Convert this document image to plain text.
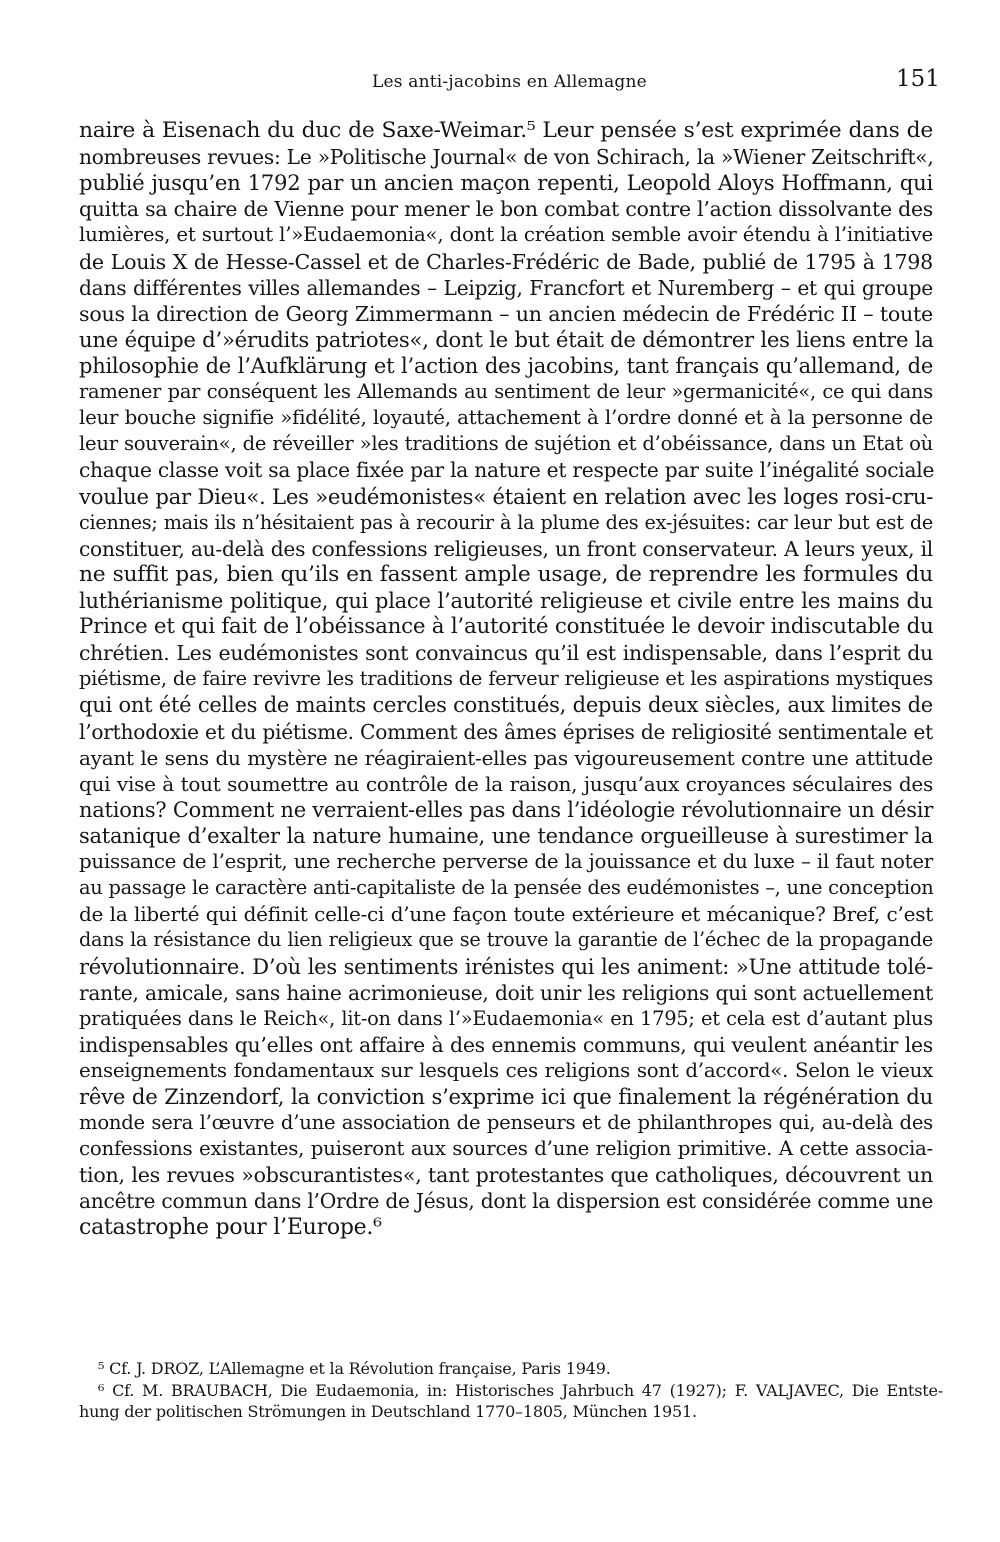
Les anti-jacobins en Allemagne	151
naire à Eisenach du duc de Saxe-Weimar.⁵ Leur pensée s’est exprimée dans de
nombreuses revues: Le »Politische Journal« de von Schirach, la »Wiener Zeitschrift«,
publié jusqu’en 1792 par un ancien maçon repenti, Leopold Aloys Hoffmann, qui
quitta sa chaire de Vienne pour mener le bon combat contre l’action dissolvante des
lumières, et surtout l’»Eudaemonia«, dont la création semble avoir étendu à l’initiative
de Louis X de Hesse-Cassel et de Charles-Frédéric de Bade, publié de 1795 à 1798
dans différentes villes allemandes – Leipzig, Francfort et Nuremberg – et qui groupe
sous la direction de Georg Zimmermann – un ancien médecin de Frédéric II – toute
une équipe d’»érudits patriotes«, dont le but était de démontrer les liens entre la
philosophie de l’Aufklärung et l’action des jacobins, tant français qu’allemand, de
ramener par conséquent les Allemands au sentiment de leur »germanicité«, ce qui dans
leur bouche signifie »fidélité, loyauté, attachement à l’ordre donné et à la personne de
leur souverain«, de réveiller »les traditions de sujétion et d’obéissance, dans un Etat où
chaque classe voit sa place fixée par la nature et respecte par suite l’inégalité sociale
voulue par Dieu«. Les »eudémonistes« étaient en relation avec les loges rosi-cru-
ciennes; mais ils n’hésitaient pas à recourir à la plume des ex-jésuites: car leur but est de
constituer, au-delà des confessions religieuses, un front conservateur. A leurs yeux, il
ne suffit pas, bien qu’ils en fassent ample usage, de reprendre les formules du
luthérianisme politique, qui place l’autorité religieuse et civile entre les mains du
Prince et qui fait de l’obéissance à l’autorité constituée le devoir indiscutable du
chrétien. Les eudémonistes sont convaincus qu’il est indispensable, dans l’esprit du
piétisme, de faire revivre les traditions de ferveur religieuse et les aspirations mystiques
qui ont été celles de maints cercles constitués, depuis deux siècles, aux limites de
l’orthodoxie et du piétisme. Comment des âmes éprises de religiosité sentimentale et
ayant le sens du mystère ne réagiraient-elles pas vigoureusement contre une attitude
qui vise à tout soumettre au contrôle de la raison, jusqu’aux croyances séculaires des
nations? Comment ne verraient-elles pas dans l’idéologie révolutionnaire un désir
satanique d’exalter la nature humaine, une tendance orgueilleuse à surestimer la
puissance de l’esprit, une recherche perverse de la jouissance et du luxe – il faut noter
au passage le caractère anti-capitaliste de la pensée des eudémonistes –, une conception
de la liberté qui définit celle-ci d’une façon toute extérieure et mécanique? Bref, c’est
dans la résistance du lien religieux que se trouve la garantie de l’échec de la propagande
révolutionnaire. D’où les sentiments irénistes qui les animent: »Une attitude tolé-
rante, amicale, sans haine acrimonieuse, doit unir les religions qui sont actuellement
pratiquées dans le Reich«, lit-on dans l’»Eudaemonia« en 1795; et cela est d’autant plus
indispensables qu’elles ont affaire à des ennemis communs, qui veulent anéantir les
enseignements fondamentaux sur lesquels ces religions sont d’accord«. Selon le vieux
rêve de Zinzendorf, la conviction s’exprime ici que finalement la régénération du
monde sera l’œuvre d’une association de penseurs et de philanthropes qui, au-delà des
confessions existantes, puiseront aux sources d’une religion primitive. A cette associa-
tion, les revues »obscurantistes«, tant protestantes que catholiques, découvrent un
ancêtre commun dans l’Ordre de Jésus, dont la dispersion est considérée comme une
catastrophe pour l’Europe.⁶
⁵ Cf. J. DROZ, L’Allemagne et la Révolution française, Paris 1949.
⁶ Cf. M. BRAUBACH, Die Eudaemonia, in: Historisches Jahrbuch 47 (1927); F. VALJAVEC, Die Entste-
hung der politischen Strömungen in Deutschland 1770–1805, München 1951.
